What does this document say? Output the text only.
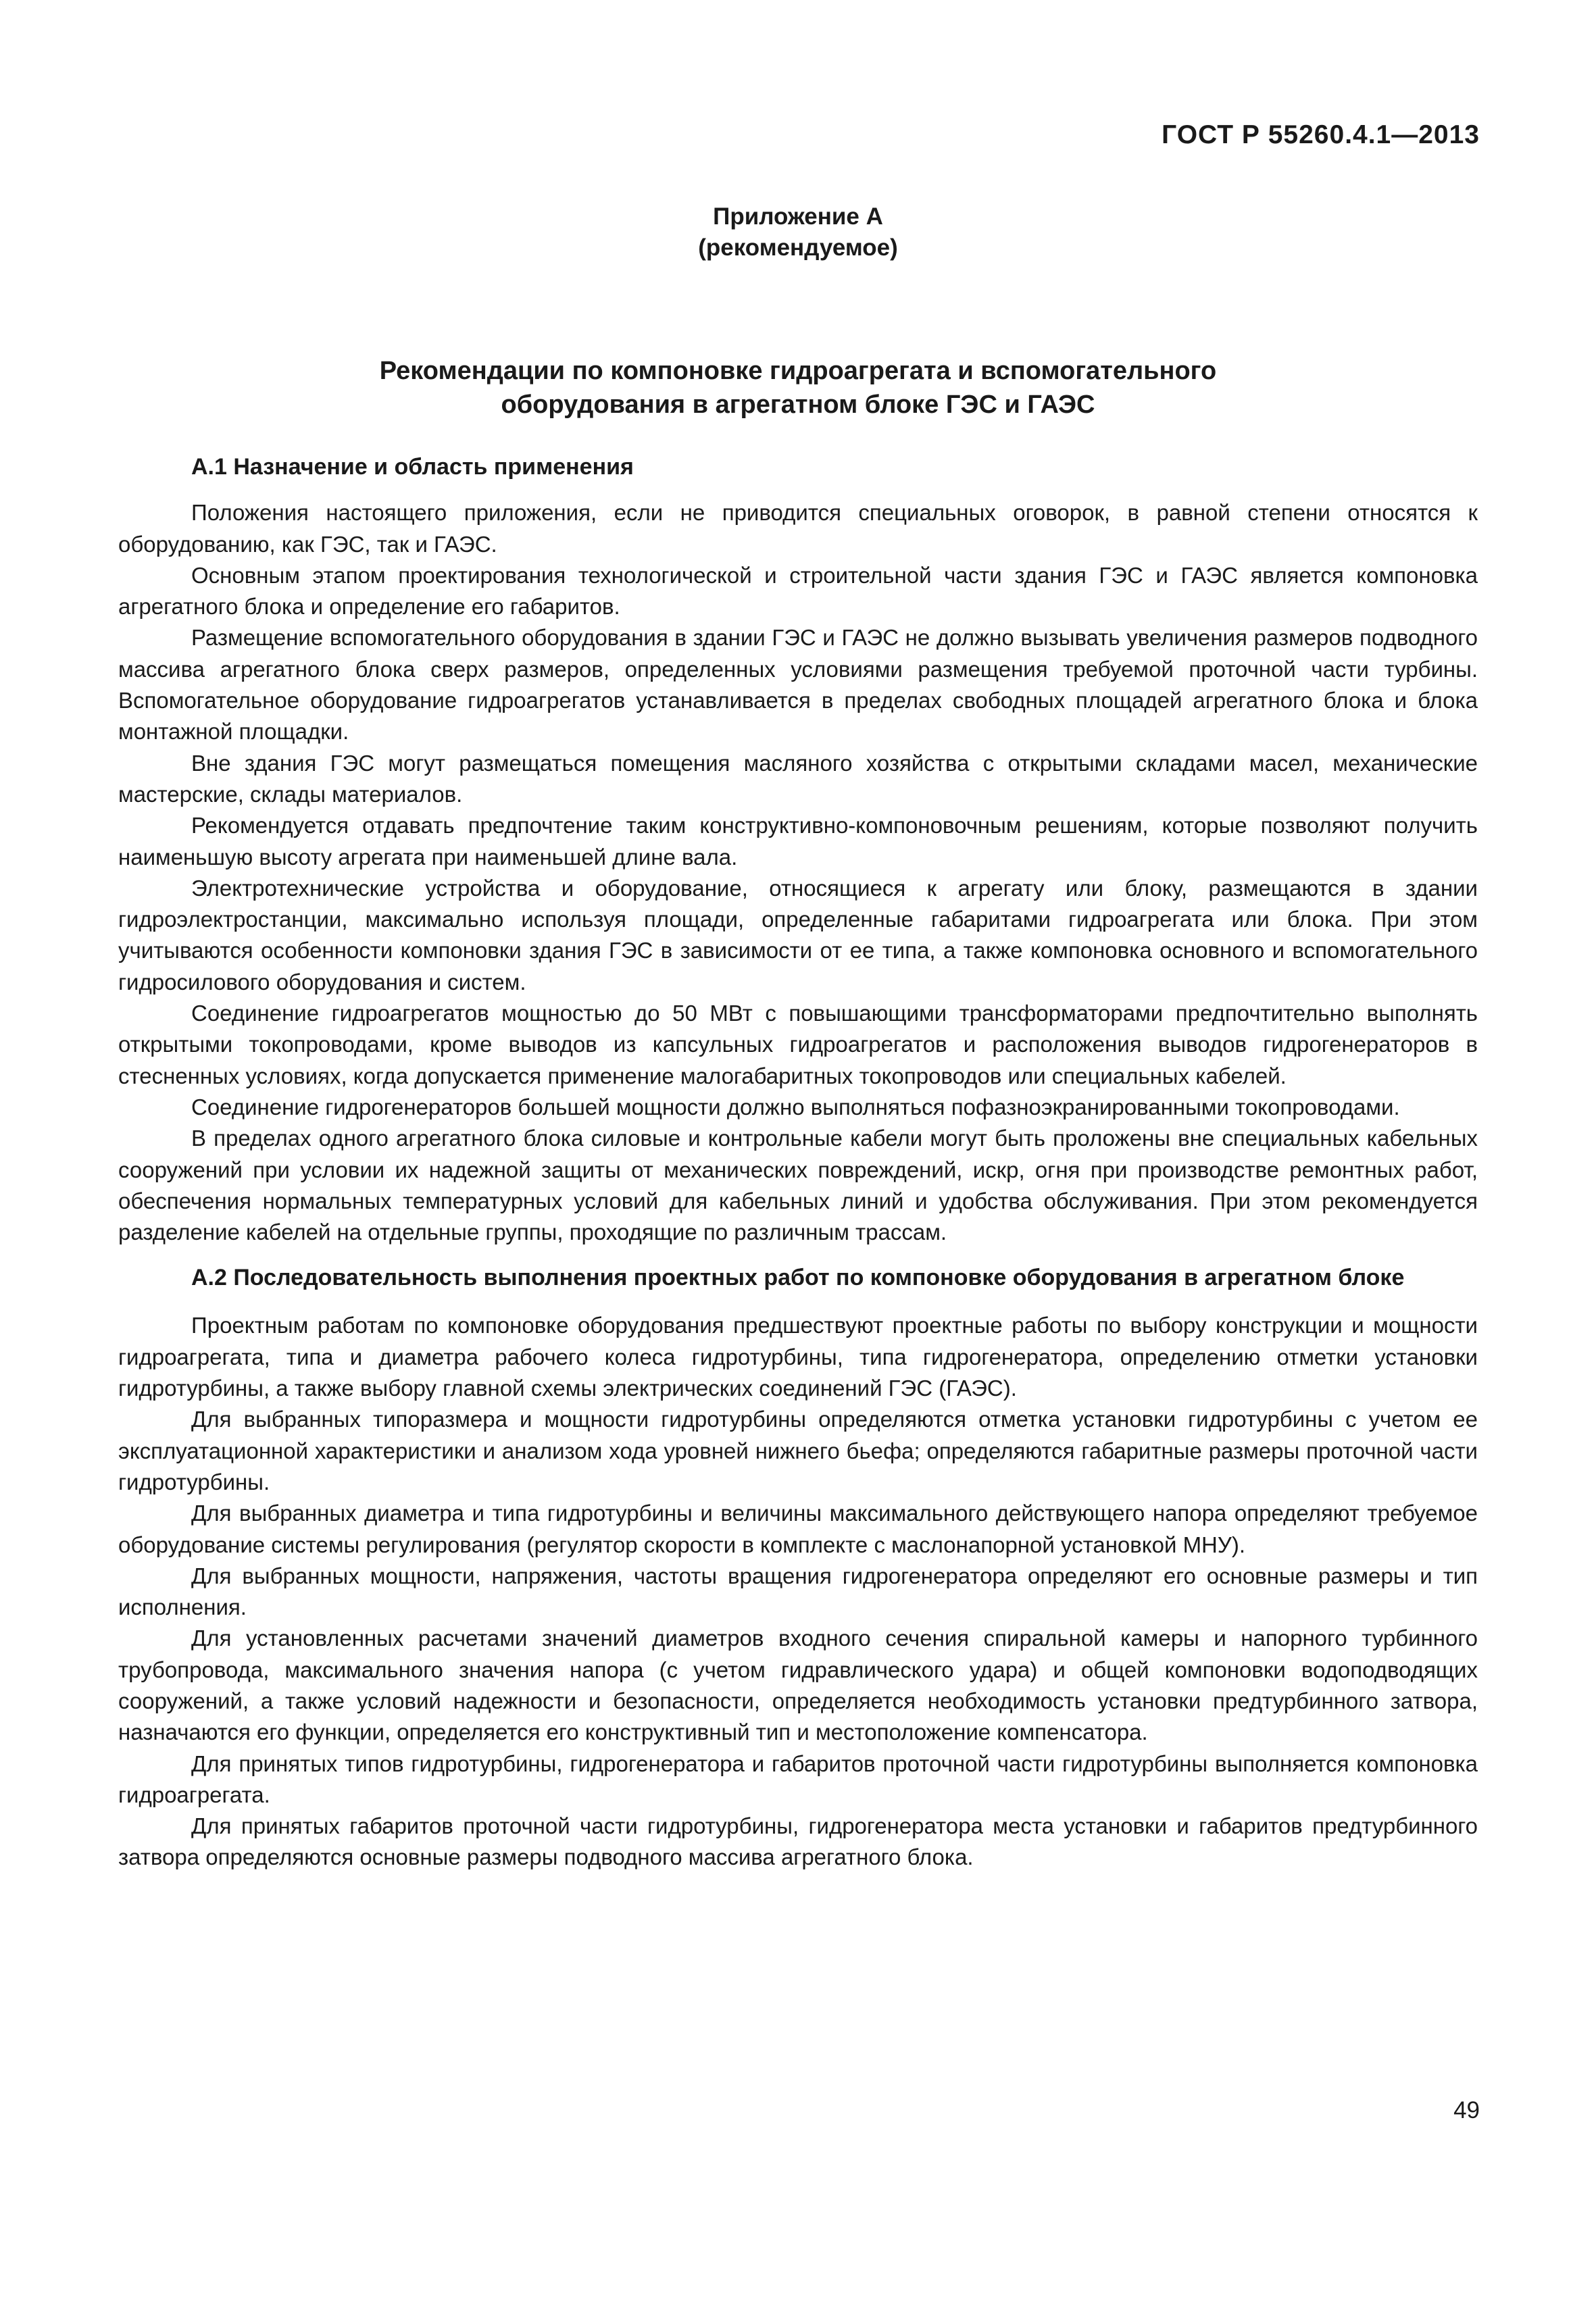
ГОСТ Р 55260.4.1—2013
Приложение А
(рекомендуемое)
Рекомендации по компоновке гидроагрегата и вспомогательного
оборудования в агрегатном блоке ГЭС и ГАЭС
А.1 Назначение и область применения

Положения настоящего приложения, если не приводится специальных оговорок, в равной степени относятся к оборудованию, как ГЭС, так и ГАЭС.

Основным этапом проектирования технологической и строительной части здания ГЭС и ГАЭС является компоновка агрегатного блока и определение его габаритов.

Размещение вспомогательного оборудования в здании ГЭС и ГАЭС не должно вызывать увеличения размеров подводного массива агрегатного блока сверх размеров, определенных условиями размещения требуемой проточной части турбины. Вспомогательное оборудование гидроагрегатов устанавливается в пределах свободных площадей агрегатного блока и блока монтажной площадки.

Вне здания ГЭС могут размещаться помещения масляного хозяйства с открытыми складами масел, механические мастерские, склады материалов.

Рекомендуется отдавать предпочтение таким конструктивно-компоновочным решениям, которые позволяют получить наименьшую высоту агрегата при наименьшей длине вала.

Электротехнические устройства и оборудование, относящиеся к агрегату или блоку, размещаются в здании гидроэлектростанции, максимально используя площади, определенные габаритами гидроагрегата или блока. При этом учитываются особенности компоновки здания ГЭС в зависимости от ее типа, а также компоновка основного и вспомогательного гидросилового оборудования и систем.

Соединение гидроагрегатов мощностью до 50 МВт с повышающими трансформаторами предпочтительно выполнять открытыми токопроводами, кроме выводов из капсульных гидроагрегатов и расположения выводов гидрогенераторов в стесненных условиях, когда допускается применение малогабаритных токопроводов или специальных кабелей.

Соединение гидрогенераторов большей мощности должно выполняться пофазноэкранированными токопроводами.

В пределах одного агрегатного блока силовые и контрольные кабели могут быть проложены вне специальных кабельных сооружений при условии их надежной защиты от механических повреждений, искр, огня при производстве ремонтных работ, обеспечения нормальных температурных условий для кабельных линий и удобства обслуживания. При этом рекомендуется разделение кабелей на отдельные группы, проходящие по различным трассам.

А.2 Последовательность выполнения проектных работ по компоновке оборудования в агрегатном блоке

Проектным работам по компоновке оборудования предшествуют проектные работы по выбору конструкции и мощности гидроагрегата, типа и диаметра рабочего колеса гидротурбины, типа гидрогенератора, определению отметки установки гидротурбины, а также выбору главной схемы электрических соединений ГЭС (ГАЭС).

Для выбранных типоразмера и мощности гидротурбины определяются отметка установки гидротурбины с учетом ее эксплуатационной характеристики и анализом хода уровней нижнего бьефа; определяются габаритные размеры проточной части гидротурбины.

Для выбранных диаметра и типа гидротурбины и величины максимального действующего напора определяют требуемое оборудование системы регулирования (регулятор скорости в комплекте с маслонапорной установкой МНУ).

Для выбранных мощности, напряжения, частоты вращения гидрогенератора определяют его основные размеры и тип исполнения.

Для установленных расчетами значений диаметров входного сечения спиральной камеры и напорного турбинного трубопровода, максимального значения напора (с учетом гидравлического удара) и общей компоновки водоподводящих сооружений, а также условий надежности и безопасности, определяется необходимость установки предтурбинного затвора, назначаются его функции, определяется его конструктивный тип и местоположение компенсатора.

Для принятых типов гидротурбины, гидрогенератора и габаритов проточной части гидротурбины выполняется компоновка гидроагрегата.

Для принятых габаритов проточной части гидротурбины, гидрогенератора места установки и габаритов предтурбинного затвора определяются основные размеры подводного массива агрегатного блока.

49
